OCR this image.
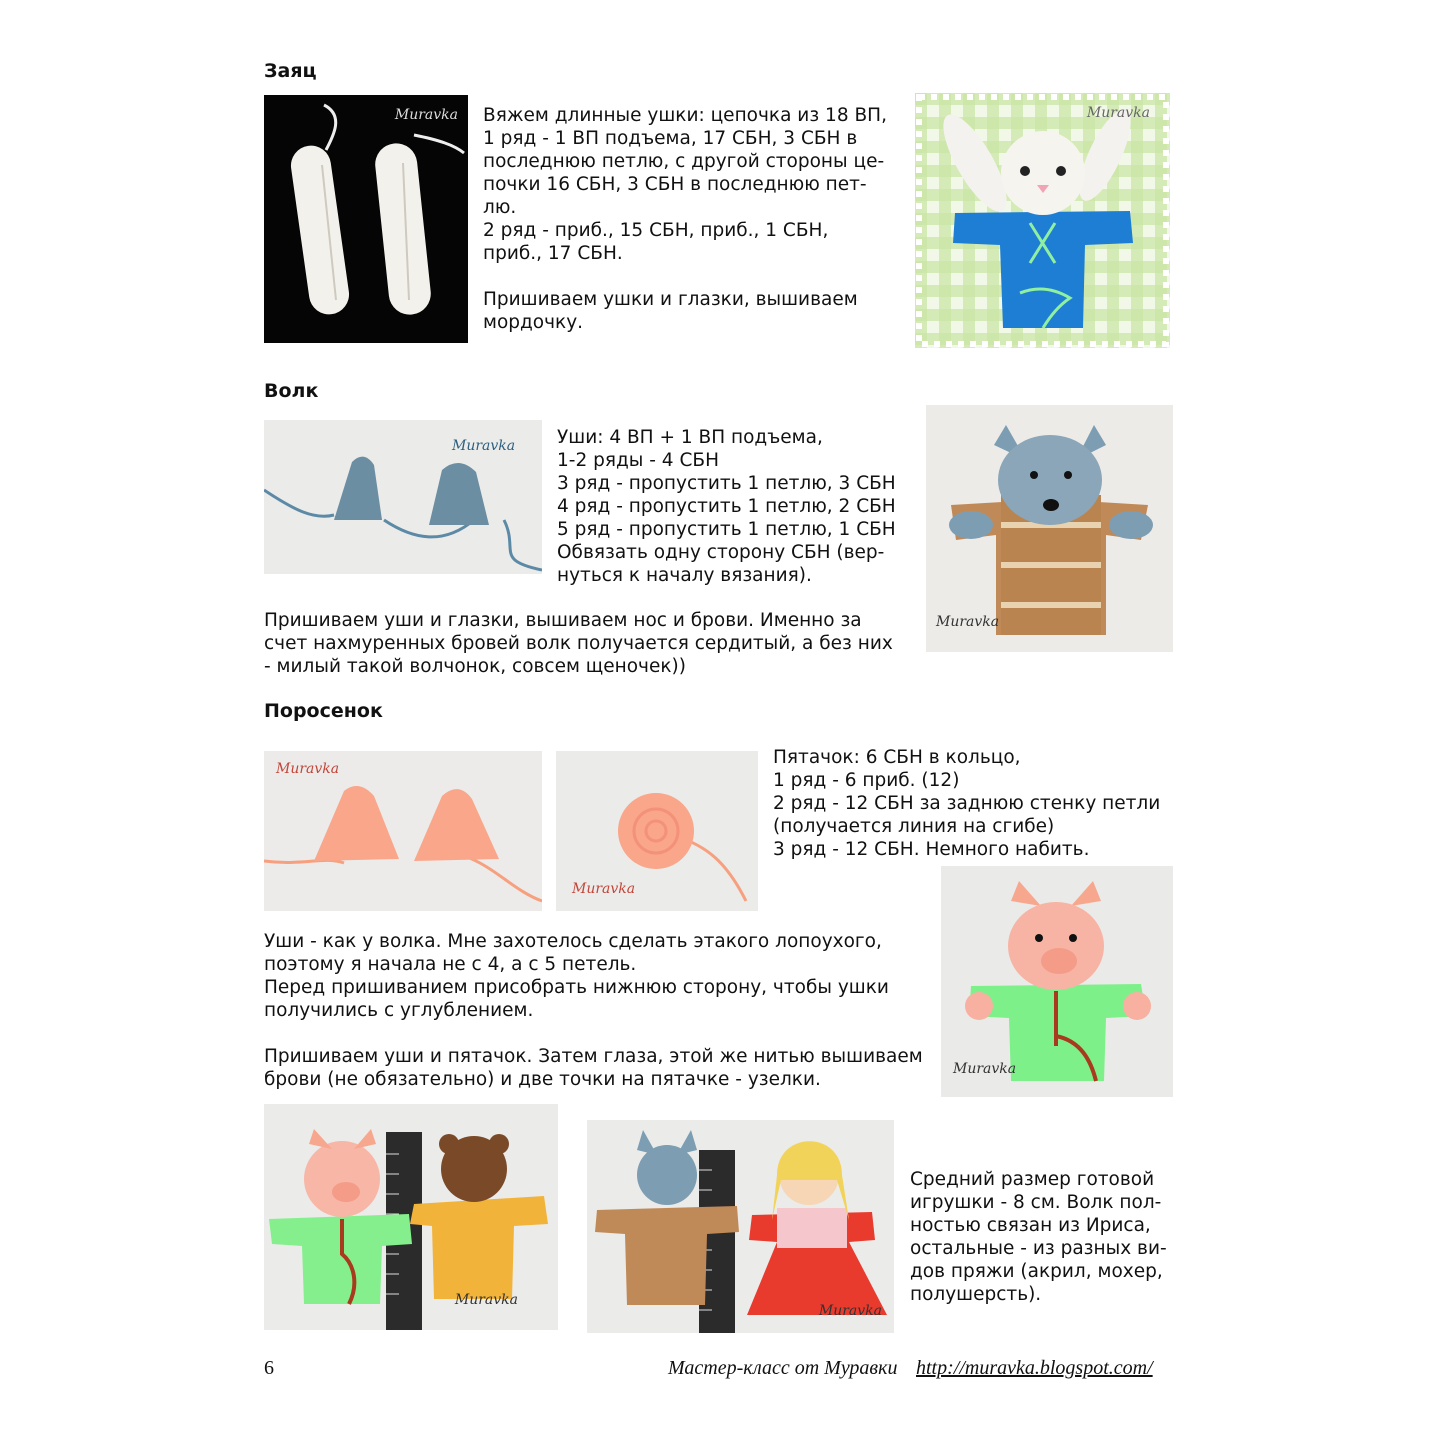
Заяц
Muravka Вяжем длинные ушки: цепочка из 18 ВП,
1 ряд - 1 ВП подъема, 17 СБН, 3 СБН в
последнюю петлю, с другой стороны це-
почки 16 СБН, 3 СБН в последнюю пет-
лю.
2 ряд - приб., 15 СБН, приб., 1 СБН,
приб., 17 СБН.

Пришиваем ушки и глазки, вышиваем
мордочку.
Muravka
Волк
Muravka Уши: 4 ВП + 1 ВП подъема,
1-2 ряды - 4 СБН
3 ряд - пропустить 1 петлю, 3 СБН
4 ряд - пропустить 1 петлю, 2 СБН
5 ряд - пропустить 1 петлю, 1 СБН
Обвязать одну сторону СБН (вер-
нуться к началу вязания).
Muravka
Пришиваем уши и глазки, вышиваем нос и брови. Именно за
счет нахмуренных бровей волк получается сердитый, а без них
- милый такой волчонок, совсем щеночек))
Поросенок
Muravka
Muravka
Пятачок: 6 СБН в кольцо,
1 ряд - 6 приб. (12)
2 ряд - 12 СБН за заднюю стенку петли
(получается линия на сгибе)
3 ряд - 12 СБН. Немного набить.
Muravka
Уши - как у волка. Мне захотелось сделать этакого лопоухого,
поэтому я начала не с 4, а с 5 петель.
Перед пришиванием присобрать нижнюю сторону, чтобы ушки
получились с углублением.

Пришиваем уши и пятачок. Затем глаза, этой же нитью вышиваем
брови (не обязательно) и две точки на пятачке - узелки.
Muravka
Muravka
Средний размер готовой
игрушки - 8 см. Волк пол-
ностью связан из Ириса,
остальные - из разных ви-
дов пряжи (акрил, мохер,
полушерсть).
6	Мастер-класс от Муравки http://muravka.blogspot.com/
